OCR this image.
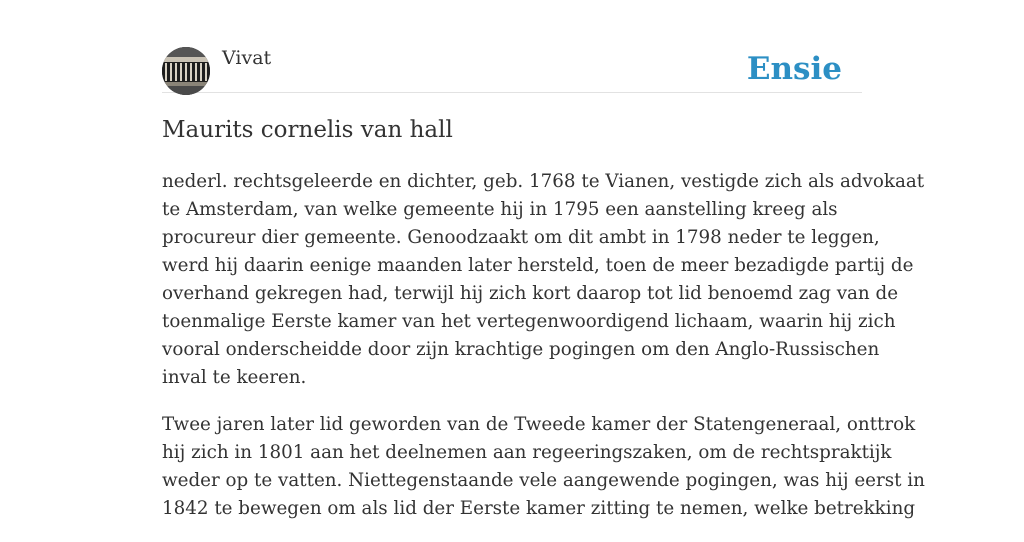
Vivat	Ensie
Maurits cornelis van hall

nederl. rechtsgeleerde en dichter, geb. 1768 te Vianen, vestigde zich als advokaat
te Amsterdam, van welke gemeente hij in 1795 een aanstelling kreeg als
procureur dier gemeente. Genoodzaakt om dit ambt in 1798 neder te leggen,
werd hij daarin eenige maanden later hersteld, toen de meer bezadigde partij de
overhand gekregen had, terwijl hij zich kort daarop tot lid benoemd zag van de
toenmalige Eerste kamer van het vertegenwoordigend lichaam, waarin hij zich
vooral onderscheidde door zijn krachtige pogingen om den Anglo-Russischen
inval te keeren.

Twee jaren later lid geworden van de Tweede kamer der Statengeneraal, onttrok
hij zich in 1801 aan het deelnemen aan regeeringszaken, om de rechtspraktijk
weder op te vatten. Niettegenstaande vele aangewende pogingen, was hij eerst in
1842 te bewegen om als lid der Eerste kamer zitting te nemen, welke betrekking
